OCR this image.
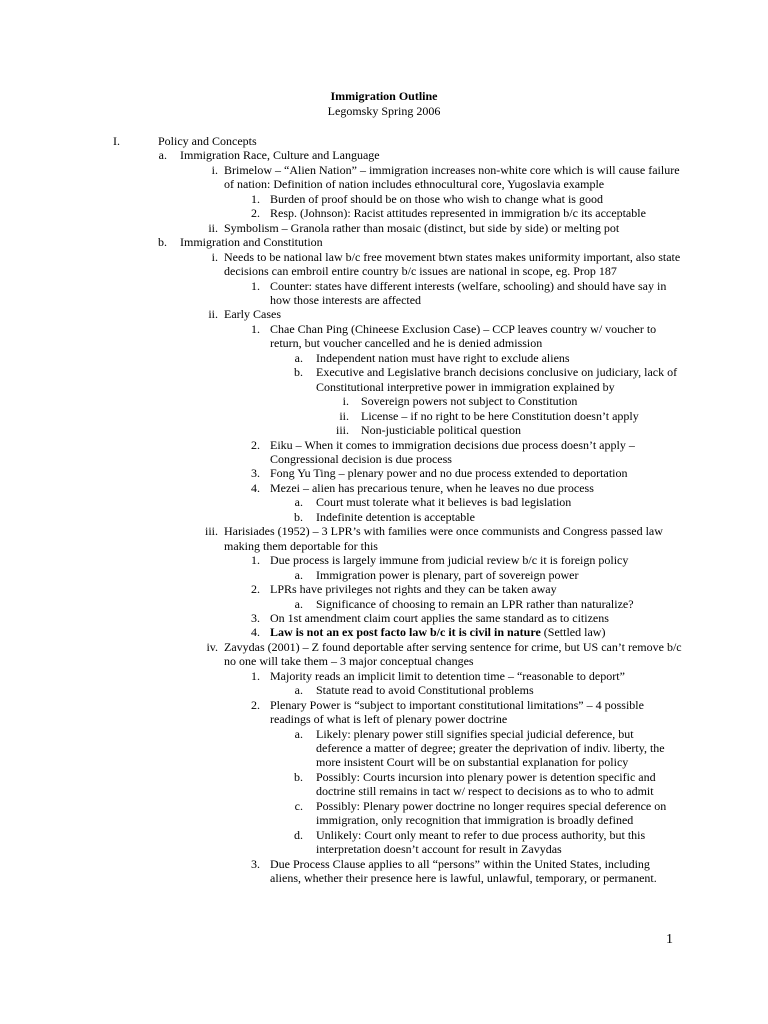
Immigration Outline
Legomsky Spring 2006
I.	Policy and Concepts
a. Immigration Race, Culture and Language
i. Brimelow – “Alien Nation” – immigration increases non-white core which is will cause failure of nation: Definition of nation includes ethnocultural core, Yugoslavia example
1. Burden of proof should be on those who wish to change what is good
2. Resp. (Johnson): Racist attitudes represented in immigration b/c its acceptable
ii. Symbolism – Granola rather than mosaic (distinct, but side by side) or melting pot
b. Immigration and Constitution
i. Needs to be national law b/c free movement btwn states makes uniformity important, also state decisions can embroil entire country b/c issues are national in scope, eg. Prop 187
1. Counter: states have different interests (welfare, schooling) and should have say in how those interests are affected
ii. Early Cases
1. Chae Chan Ping (Chineese Exclusion Case) – CCP leaves country w/ voucher to return, but voucher cancelled and he is denied admission
a. Independent nation must have right to exclude aliens
b. Executive and Legislative branch decisions conclusive on judiciary, lack of Constitutional interpretive power in immigration explained by
i. Sovereign powers not subject to Constitution
ii. License – if no right to be here Constitution doesn’t apply
iii. Non-justiciable political question
2. Eiku – When it comes to immigration decisions due process doesn’t apply – Congressional decision is due process
3. Fong Yu Ting – plenary power and no due process extended to deportation
4. Mezei – alien has precarious tenure, when he leaves no due process
a. Court must tolerate what it believes is bad legislation
b. Indefinite detention is acceptable
iii. Harisiades (1952) – 3 LPR’s with families were once communists and Congress passed law making them deportable for this
1. Due process is largely immune from judicial review b/c it is foreign policy
a. Immigration power is plenary, part of sovereign power
2. LPRs have privileges not rights and they can be taken away
a. Significance of choosing to remain an LPR rather than naturalize?
3. On 1st amendment claim court applies the same standard as to citizens
4. Law is not an ex post facto law b/c it is civil in nature (Settled law)
iv. Zavydas (2001) – Z found deportable after serving sentence for crime, but US can’t remove b/c no one will take them – 3 major conceptual changes
1. Majority reads an implicit limit to detention time – “reasonable to deport”
a. Statute read to avoid Constitutional problems
2. Plenary Power is “subject to important constitutional limitations” – 4 possible readings of what is left of plenary power doctrine
a. Likely: plenary power still signifies special judicial deference, but deference a matter of degree; greater the deprivation of indiv. liberty, the more insistent Court will be on substantial explanation for policy
b. Possibly: Courts incursion into plenary power is detention specific and doctrine still remains in tact w/ respect to decisions as to who to admit
c. Possibly: Plenary power doctrine no longer requires special deference on immigration, only recognition that immigration is broadly defined
d. Unlikely: Court only meant to refer to due process authority, but this interpretation doesn’t account for result in Zavydas
3. Due Process Clause applies to all “persons” within the United States, including aliens, whether their presence here is lawful, unlawful, temporary, or permanent.
1
